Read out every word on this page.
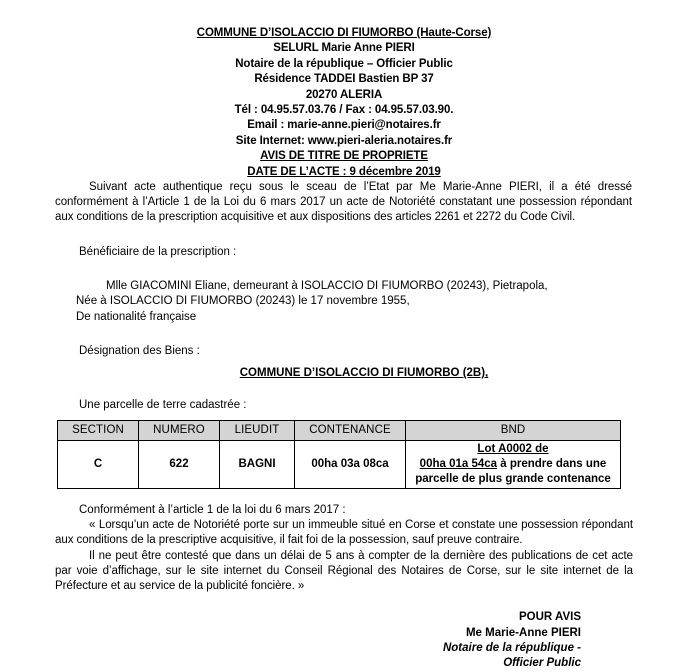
COMMUNE D’ISOLACCIO DI FIUMORBO (Haute-Corse)
SELURL Marie Anne PIERI
Notaire de la république – Officier Public
Résidence TADDEI Bastien BP 37
20270 ALERIA
Tél : 04.95.57.03.76 / Fax : 04.95.57.03.90.
Email : marie-anne.pieri@notaires.fr
Site Internet: www.pieri-aleria.notaires.fr
AVIS DE TITRE DE PROPRIETE
DATE DE L’ACTE : 9 décembre 2019

Suivant acte authentique reçu sous le sceau de l’Etat par Me Marie-Anne PIERI, il a été dressé conformément à l’Article 1 de la Loi du 6 mars 2017 un acte de Notoriété constatant une possession répondant aux conditions de la prescription acquisitive et aux dispositions des articles 2261 et 2272 du Code Civil.

Bénéficiaire de la prescription :
Mlle GIACOMINI Eliane, demeurant à ISOLACCIO DI FIUMORBO (20243), Pietrapola,
Née à ISOLACCIO DI FIUMORBO (20243) le 17 novembre 1955,
De nationalité française
Désignation des Biens :
COMMUNE D’ISOLACCIO DI FIUMORBO (2B),
Une parcelle de terre cadastrée :
SECTION	NUMERO	LIEUDIT	CONTENANCE	BND
C	622	BAGNI	00ha 03a 08ca	Lot A0002 de
00ha 01a 54ca à prendre dans une
parcelle de plus grande contenance
Conformément à l’article 1 de la loi du 6 mars 2017 :

« Lorsqu’un acte de Notoriété porte sur un immeuble situé en Corse et constate une possession répondant aux conditions de la prescriptive acquisitive, il fait foi de la possession, sauf preuve contraire.

Il ne peut être contesté que dans un délai de 5 ans à compter de la dernière des publications de cet acte par voie d’affichage, sur le site internet du Conseil Régional des Notaires de Corse, sur le site internet de la Préfecture et au service de la publicité foncière. »

POUR AVIS
Me Marie-Anne PIERI
Notaire de la république -
Officier Public
